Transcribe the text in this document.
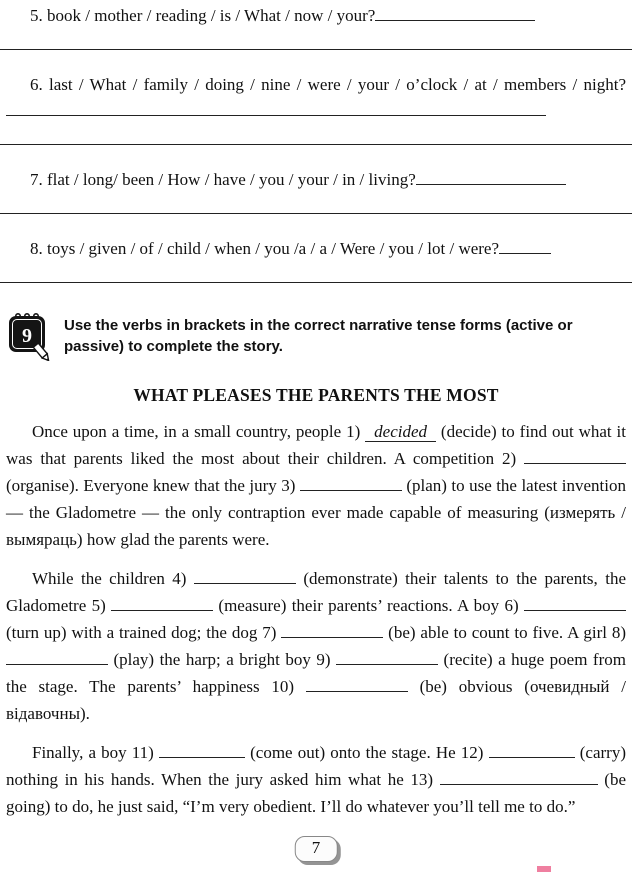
5. book / mother / reading / is / What / now / your?

6. last / What / family / doing / nine / were / your / o’clock / at / members / night?

7. flat / long/ been / How / have / you / your / in / living?

8. toys / given / of / child / when / you /a / a / Were / you / lot / were?

9 Use the verbs in brackets in the correct narrative tense forms (active or passive) to complete the story.
WHAT PLEASES THE PARENTS THE MOST

Once upon a time, in a small country, people 1) decided (decide) to find out what it was that parents liked the most about their children. A competition 2)  (organise). Everyone knew that the jury 3)	(plan) to use the latest invention — the Gladometre — the only contraption ever made capable of measuring (измерять / вымяраць) how glad the parents were.

While the children 4)	(demonstrate) their talents to the parents, the Gladometre 5)	(measure) their parents’ reactions. A boy 6)  (turn up) with a trained dog; the dog 7)	(be) able to count to five. A girl 8)  (play) the harp; a bright boy 9)	(recite) a huge poem from the stage. The parents’ happiness 10)	(be) obvious (очевидный / відавочны).

Finally, a boy 11)	(come out) onto the stage. He 12)	(carry) nothing in his hands. When the jury asked him what he 13)	(be going) to do, he just said, “I’m very obedient. I’ll do whatever you’ll tell me to do.”

7
